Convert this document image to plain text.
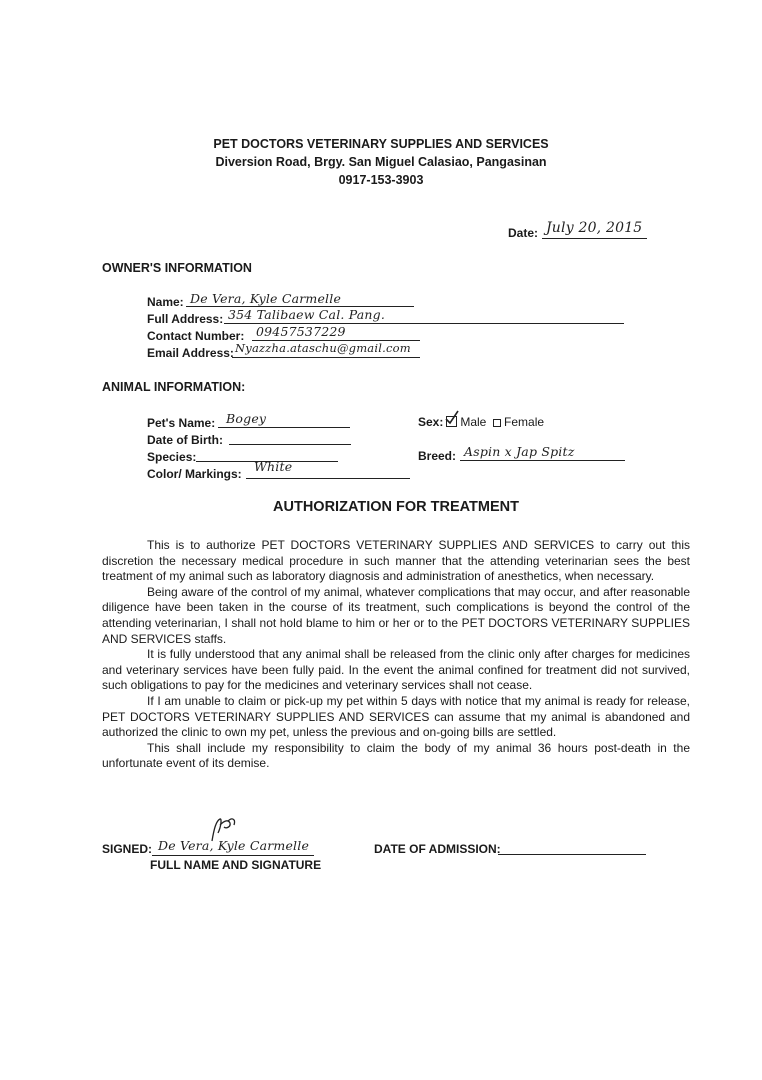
PET DOCTORS VETERINARY SUPPLIES AND SERVICES
Diversion Road, Brgy. San Miguel Calasiao, Pangasinan
0917-153-3903
Date: July 20, 2015
OWNER'S INFORMATION
Name: De Vera, Kyle Carmelle
Full Address: 354 Talibaew Cal. Pang.
Contact Number: 09457537229
Email Address: Nyazzha.ataschu@gmail.com
ANIMAL INFORMATION:
Pet's Name: Bogey
Date of Birth:
Species:
Color/ Markings: White
Sex:
	Male Female
Breed: Aspin x Jap Spitz
AUTHORIZATION FOR TREATMENT

This is to authorize PET DOCTORS VETERINARY SUPPLIES AND SERVICES to carry out this discretion the necessary medical procedure in such manner that the attending veterinarian sees the best treatment of my animal such as laboratory diagnosis and administration of anesthetics, when necessary.

Being aware of the control of my animal, whatever complications that may occur, and after reasonable diligence have been taken in the course of its treatment, such complications is beyond the control of the attending veterinarian, I shall not hold blame to him or her or to the PET DOCTORS VETERINARY SUPPLIES AND SERVICES staffs.

It is fully understood that any animal shall be released from the clinic only after charges for medicines and veterinary services have been fully paid. In the event the animal confined for treatment did not survived, such obligations to pay for the medicines and veterinary services shall not cease.

If I am unable to claim or pick-up my pet within 5 days with notice that my animal is ready for release, PET DOCTORS VETERINARY SUPPLIES AND SERVICES can assume that my animal is abandoned and authorized the clinic to own my pet, unless the previous and on-going bills are settled.

This shall include my responsibility to claim the body of my animal 36 hours post-death in the unfortunate event of its demise.

SIGNED: De Vera, Kyle Carmelle
FULL NAME AND SIGNATURE
DATE OF ADMISSION:
